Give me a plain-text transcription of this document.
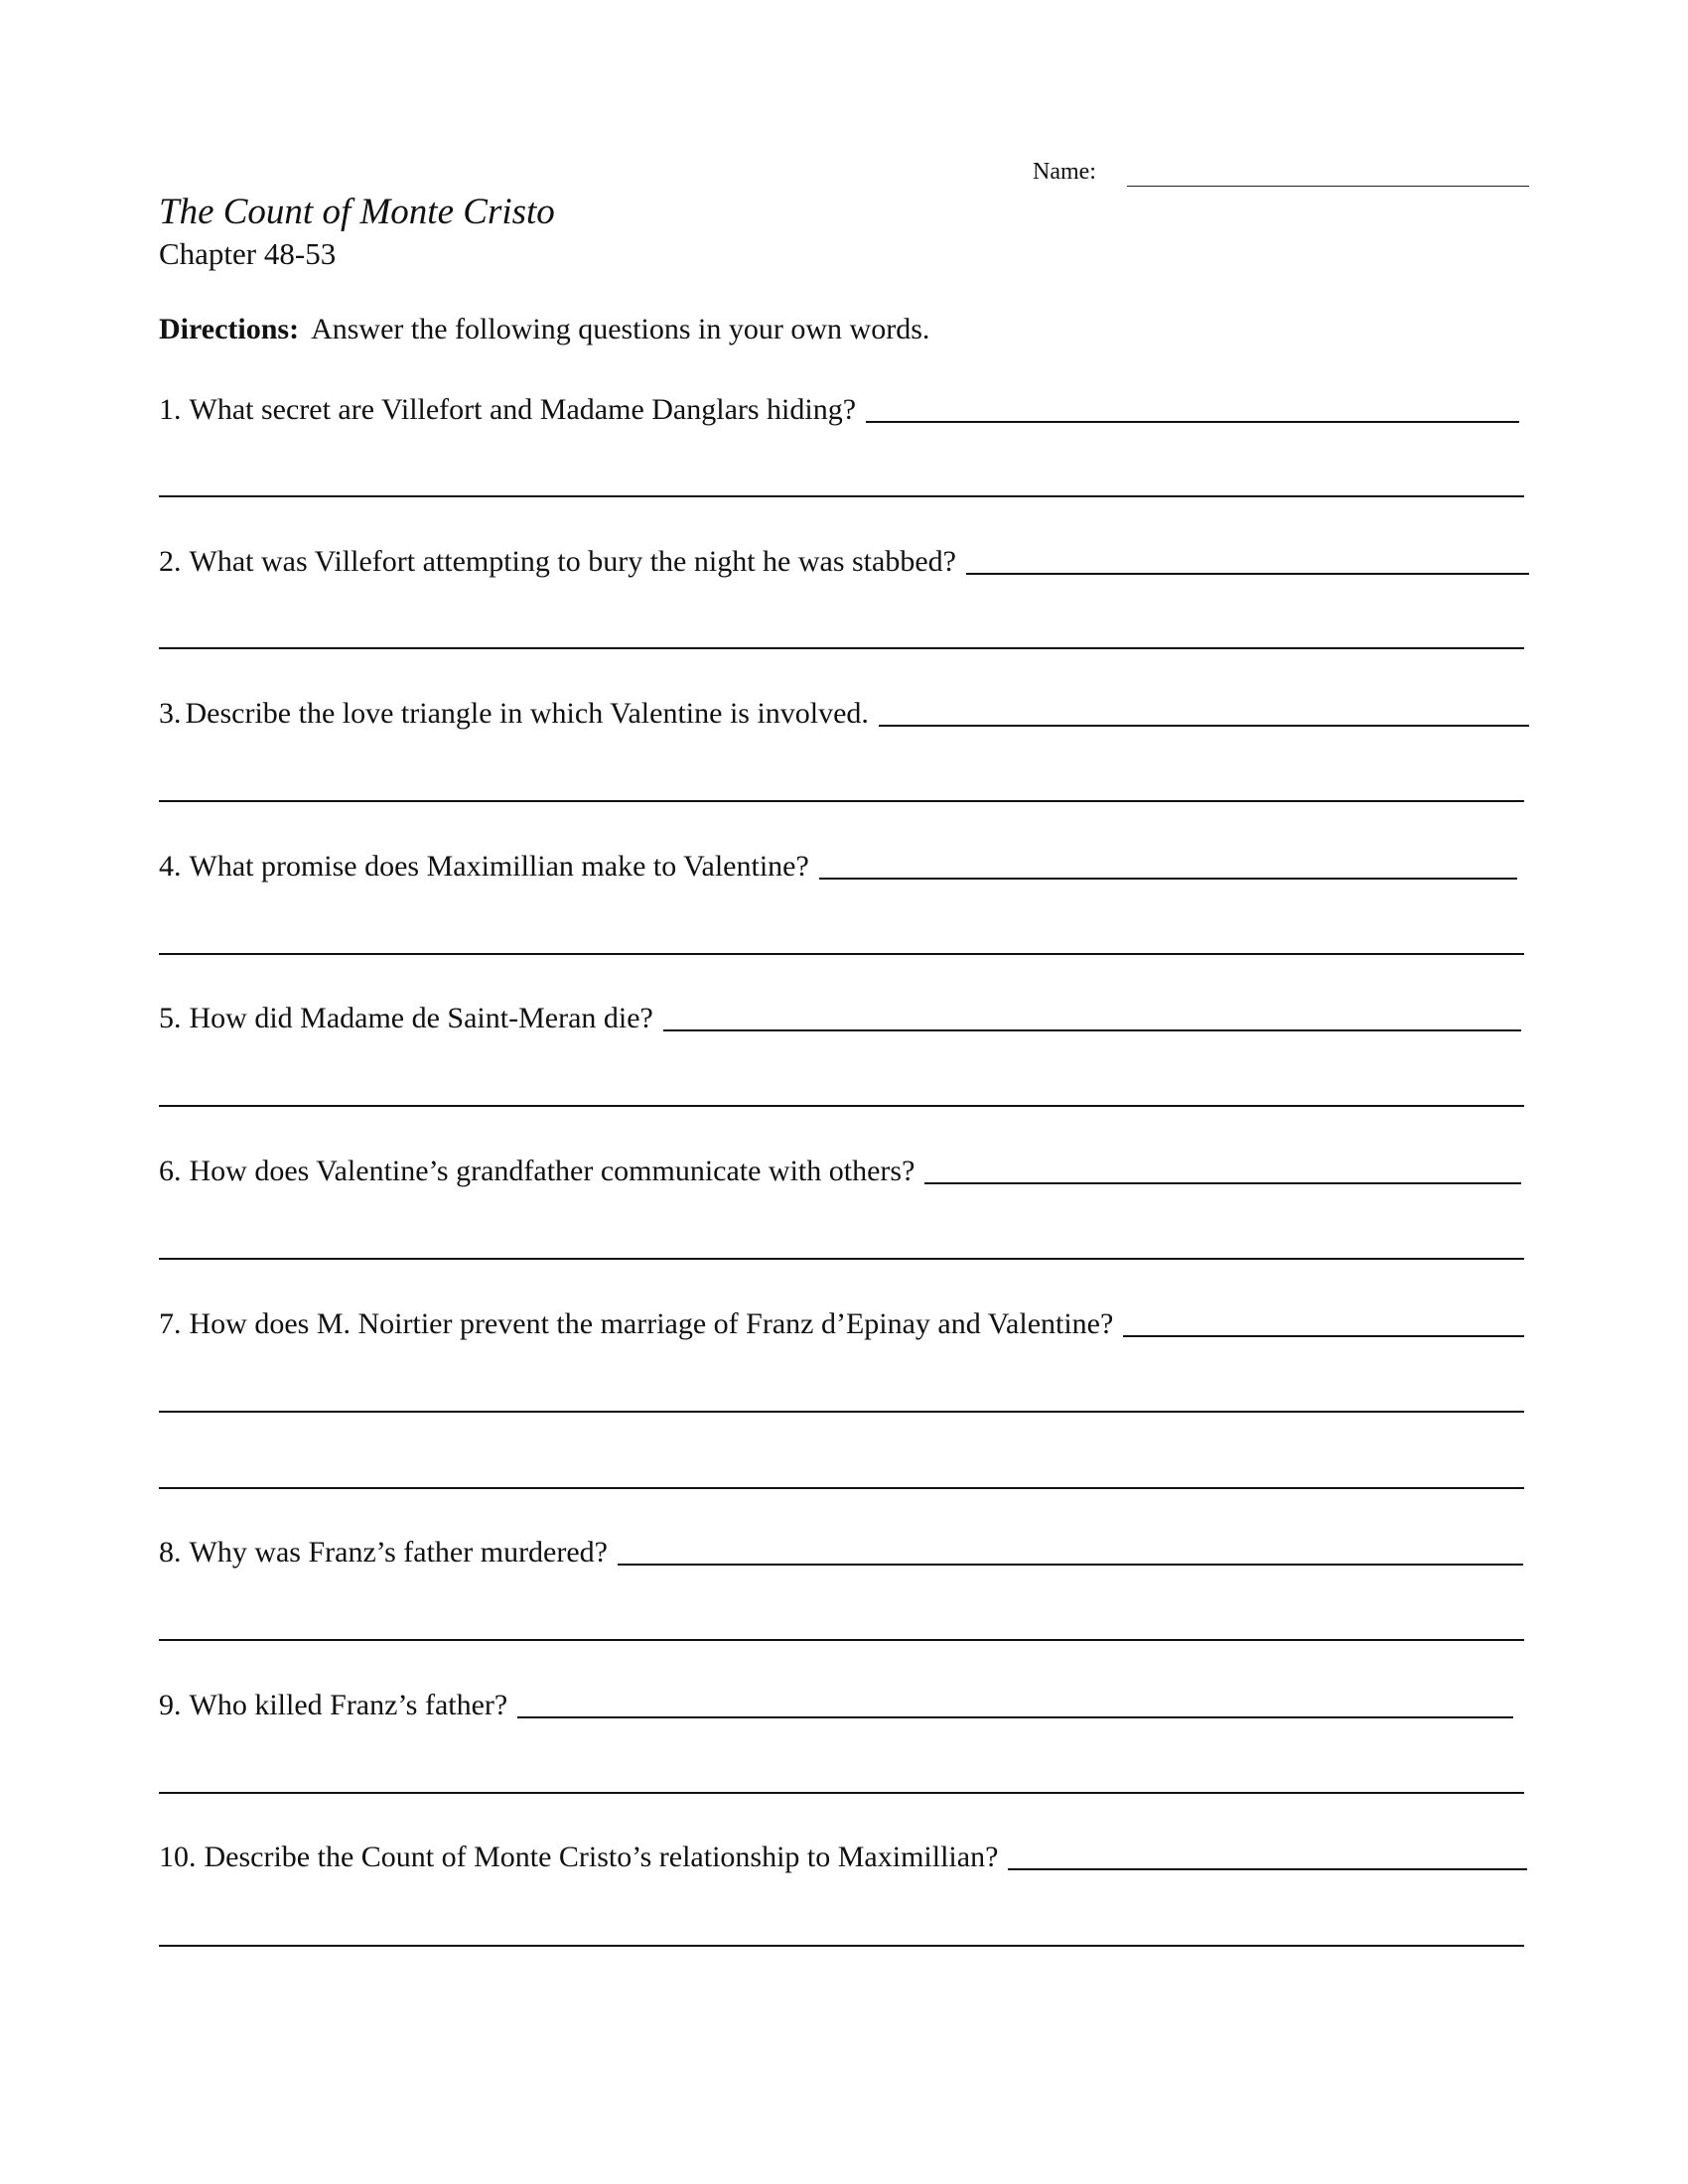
Name:
The Count of Monte Cristo
Chapter 48-53
Directions: Answer the following questions in your own words.
1.
What secret are Villefort and Madame Danglars hiding?
2.
What was Villefort attempting to bury the night he was stabbed?
3.
Describe the love triangle in which Valentine is involved.
4.
What promise does Maximillian make to Valentine?
5.
How did Madame de Saint-Meran die?
6.
How does Valentine’s grandfather communicate with others?
7.
How does M. Noirtier prevent the marriage of Franz d’Epinay and Valentine?
8.
Why was Franz’s father murdered?
9.
Who killed Franz’s father?
10.
Describe the Count of Monte Cristo’s relationship to Maximillian?
